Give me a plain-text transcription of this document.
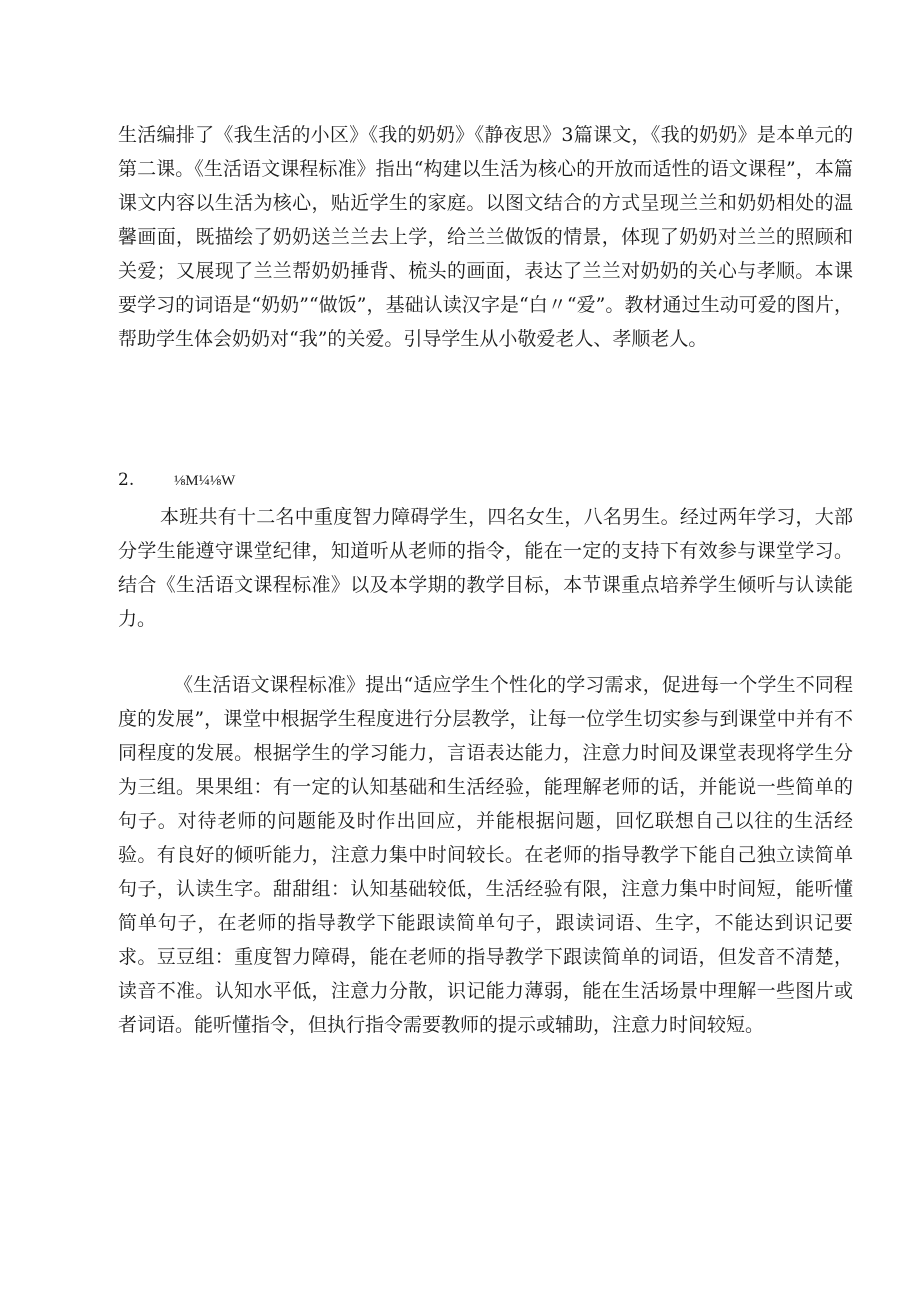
生活编排了《我生活的小区》《我的奶奶》《静夜思》3篇课文，《我的奶奶》是本单元的第二课。《生活语文课程标准》指出“构建以生活为核心的开放而适性的语文课程”，本篇课文内容以生活为核心，贴近学生的家庭。以图文结合的方式呈现兰兰和奶奶相处的温馨画面，既描绘了奶奶送兰兰去上学，给兰兰做饭的情景，体现了奶奶对兰兰的照顾和关爱；又展现了兰兰帮奶奶捶背、梳头的画面，表达了兰兰对奶奶的关心与孝顺。本课要学习的词语是“奶奶”“做饭”，基础认读汉字是“白〃“爱”。教材通过生动可爱的图片，帮助学生体会奶奶对“我”的关爱。引导学生从小敬爱老人、孝顺老人。

2.	⅛M¼⅛W

本班共有十二名中重度智力障碍学生，四名女生，八名男生。经过两年学习，大部分学生能遵守课堂纪律，知道听从老师的指令，能在一定的支持下有效参与课堂学习。结合《生活语文课程标准》以及本学期的教学目标，本节课重点培养学生倾听与认读能力。

《生活语文课程标准》提出“适应学生个性化的学习需求，促进每一个学生不同程度的发展”，课堂中根据学生程度进行分层教学，让每一位学生切实参与到课堂中并有不同程度的发展。根据学生的学习能力，言语表达能力，注意力时间及课堂表现将学生分为三组。果果组：有一定的认知基础和生活经验，能理解老师的话，并能说一些简单的句子。对待老师的问题能及时作出回应，并能根据问题，回忆联想自己以往的生活经验。有良好的倾听能力，注意力集中时间较长。在老师的指导教学下能自己独立读简单句子，认读生字。甜甜组：认知基础较低，生活经验有限，注意力集中时间短，能听懂简单句子，在老师的指导教学下能跟读简单句子，跟读词语、生字，不能达到识记要求。豆豆组：重度智力障碍，能在老师的指导教学下跟读简单的词语，但发音不清楚，读音不准。认知水平低，注意力分散，识记能力薄弱，能在生活场景中理解一些图片或者词语。能听懂指令，但执行指令需要教师的提示或辅助，注意力时间较短。
